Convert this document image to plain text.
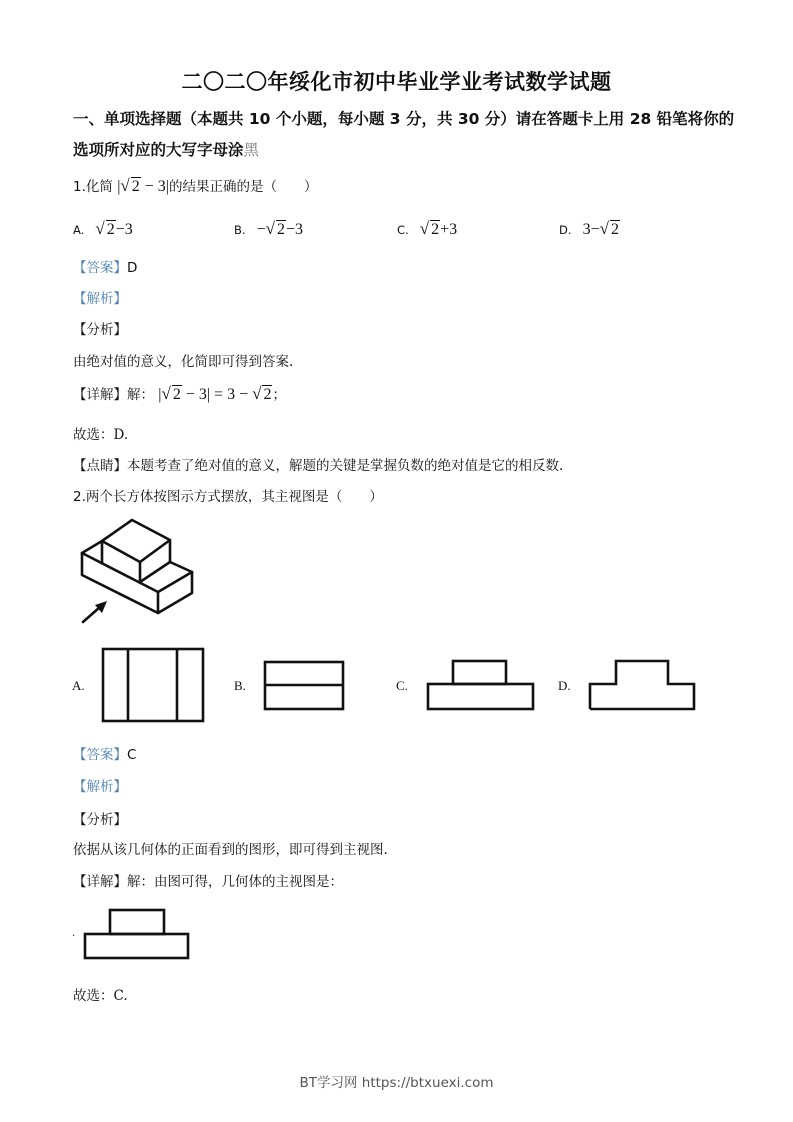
二〇二〇年绥化市初中毕业学业考试数学试题
一、单项选择题（本题共 10 个小题，每小题 3 分，共 30 分）请在答题卡上用 28 铅笔将你的
选项所对应的大写字母涂黑
1.化简 |√ 2 − 3|的结果正确的是（　　）
A. √ 2−3	B. −√ 2−3	C. √ 2+3	D. 3−√ 2
【答案】D
【解析】
【分析】
由绝对值的意义，化简即可得到答案.
【详解】解： |√ 2 − 3| = 3 − √ 2；
故选：D.
【点睛】本题考查了绝对值的意义，解题的关键是掌握负数的绝对值是它的相反数.
2.两个长方体按图示方式摆放，其主视图是（　　）
A.	B.	C.	D.
【答案】C
【解析】
【分析】
依据从该几何体的正面看到的图形，即可得到主视图.
【详解】解：由图可得，几何体的主视图是：
.
故选：C.
BT学习网 https://btxuexi.com
